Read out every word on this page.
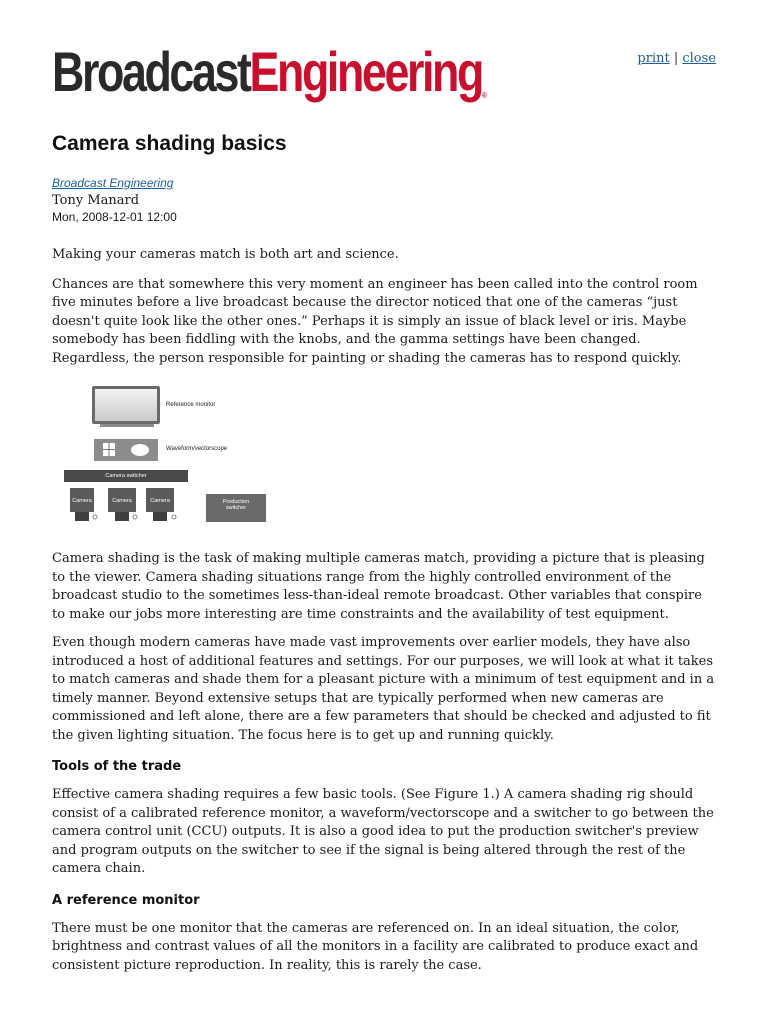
BroadcastEngineering®
print | close
Camera shading basics
Broadcast Engineering
Tony Manard
Mon, 2008-12-01 12:00

Making your cameras match is both art and science.

Chances are that somewhere this very moment an engineer has been called into the control room five minutes before a live broadcast because the director noticed that one of the cameras “just doesn't quite look like the other ones.” Perhaps it is simply an issue of black level or iris. Maybe somebody has been fiddling with the knobs, and the gamma settings have been changed. Regardless, the person responsible for painting or shading the cameras has to respond quickly.

Reference monitor
Waveform/vectorscope
Camera switcher
Camera	Camera	Camera	Production switcher

Camera shading is the task of making multiple cameras match, providing a picture that is pleasing to the viewer. Camera shading situations range from the highly controlled environment of the broadcast studio to the sometimes less-than-ideal remote broadcast. Other variables that conspire to make our jobs more interesting are time constraints and the availability of test equipment.

Even though modern cameras have made vast improvements over earlier models, they have also introduced a host of additional features and settings. For our purposes, we will look at what it takes to match cameras and shade them for a pleasant picture with a minimum of test equipment and in a timely manner. Beyond extensive setups that are typically performed when new cameras are commissioned and left alone, there are a few parameters that should be checked and adjusted to fit the given lighting situation. The focus here is to get up and running quickly.

Tools of the trade

Effective camera shading requires a few basic tools. (See Figure 1.) A camera shading rig should consist of a calibrated reference monitor, a waveform/vectorscope and a switcher to go between the camera control unit (CCU) outputs. It is also a good idea to put the production switcher's preview and program outputs on the switcher to see if the signal is being altered through the rest of the camera chain.

A reference monitor

There must be one monitor that the cameras are referenced on. In an ideal situation, the color, brightness and contrast values of all the monitors in a facility are calibrated to produce exact and consistent picture reproduction. In reality, this is rarely the case.
